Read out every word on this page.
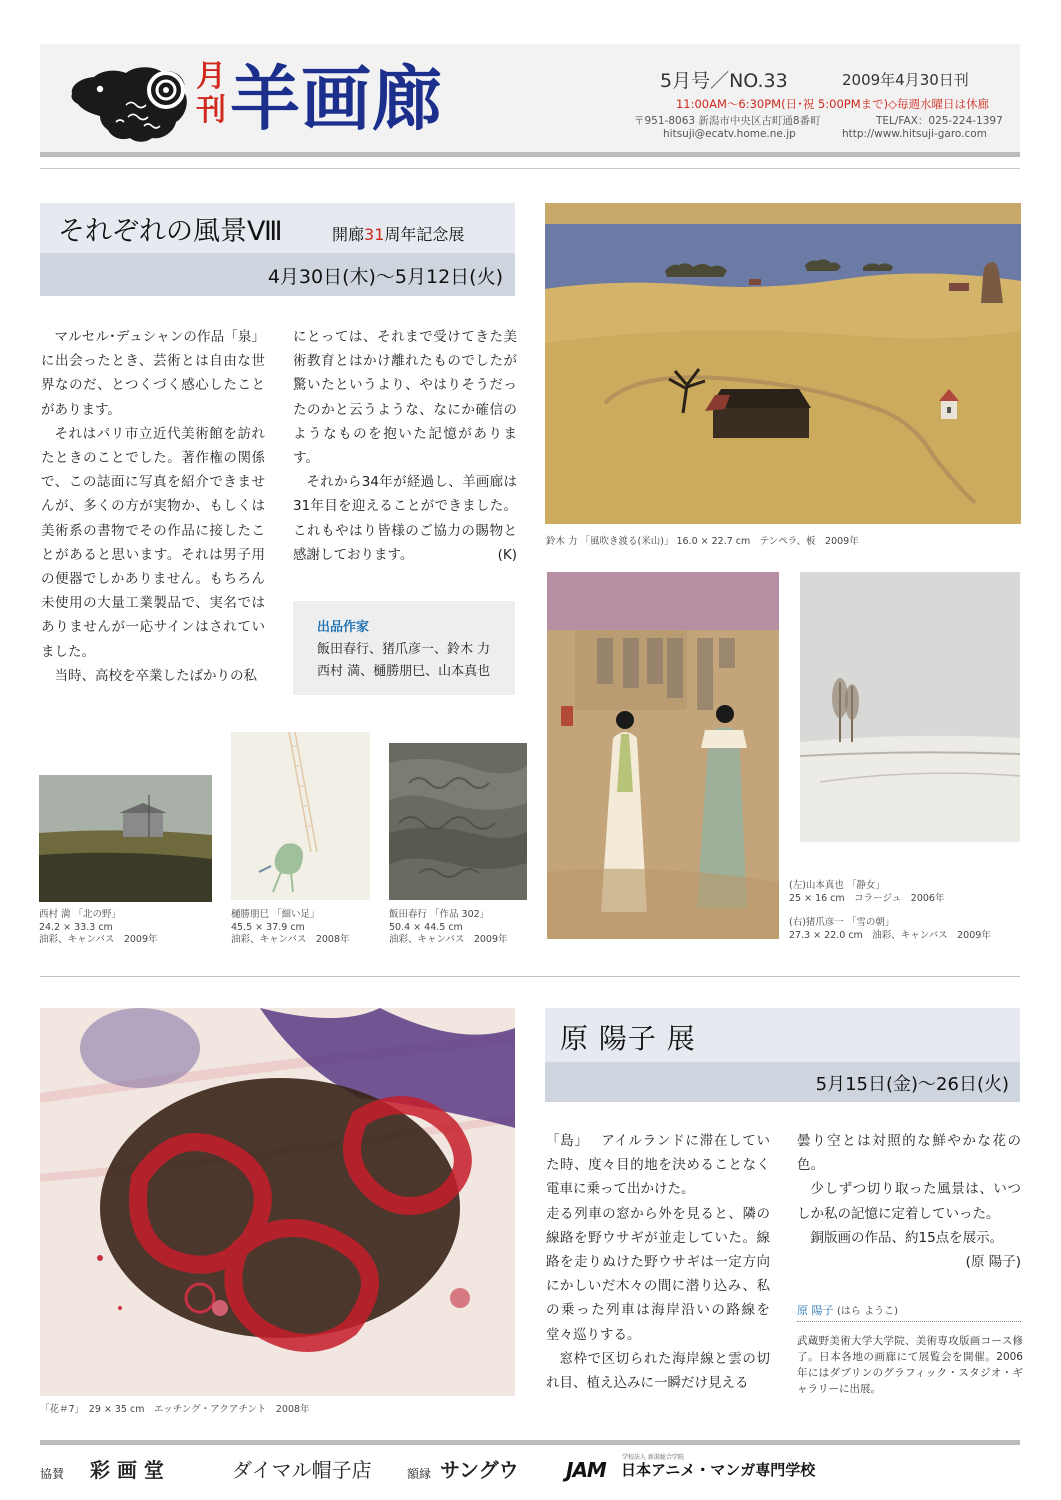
月刊 羊画廊	5月号／NO.33	2009年4月30日刊
11:00AM〜6:30PM(日･祝 5:00PMまで)◇毎週水曜日は休廊
〒951-8063 新潟市中央区古町通8番町	TEL/FAX：025-224-1397
hitsuji@ecatv.home.ne.jp	http://www.hitsuji-garo.com
それぞれの風景Ⅷ	開廊31周年記念展
4月30日(木)〜5月12日(火)

マルセル･デュシャンの作品「泉」に出会ったとき、芸術とは自由な世界なのだ、とつくづく感心したことがあります。

それはパリ市立近代美術館を訪れたときのことでした。著作権の関係で、この誌面に写真を紹介できませんが、多くの方が実物か、もしくは美術系の書物でその作品に接したことがあると思います。それは男子用の便器でしかありません。もちろん未使用の大量工業製品で、実名ではありませんが一応サインはされていました。

当時、高校を卒業したばかりの私

にとっては、それまで受けてきた美術教育とはかけ離れたものでしたが驚いたというより、やはりそうだったのかと云うような、なにか確信のようなものを抱いた記憶があります。

それから34年が経過し、羊画廊は31年目を迎えることができました。これもやはり皆様のご協力の賜物と感謝しております。	(K)

出品作家
飯田春行、猪爪彦一、鈴木 力
西村 満、樋勝朋巳、山本真也
鈴木 力 「風吹き渡る(米山)」 16.0 × 22.7 cm　テンペラ、板　2009年
(左)山本真也 「静女」
25 × 16 cm　コラージュ　2006年
(右)猪爪彦一 「雪の朝」
27.3 × 22.0 cm　油彩、キャンバス　2009年
西村 満 「北の野」
24.2 × 33.3 cm
油彩、キャンバス　2009年
樋勝朋巳 「細い足」
45.5 × 37.9 cm
油彩、キャンバス　2008年
飯田春行 「作品 302」
50.4 × 44.5 cm
油彩、キャンバス　2009年
「花＃7」　29 × 35 cm　エッチング・アクアチント　2008年
原 陽子 展
5月15日(金)〜26日(火)

「島」　 アイルランドに滞在していた時、度々目的地を決めることなく電車に乗って出かけた。

走る列車の窓から外を見ると、隣の線路を野ウサギが並走していた。線路を走りぬけた野ウサギは一定方向にかしいだ木々の間に潜り込み、私の乗った列車は海岸沿いの路線を堂々巡りする。

窓枠で区切られた海岸線と雲の切れ目、植え込みに一瞬だけ見える

曇り空とは対照的な鮮やかな花の色。

少しずつ切り取った風景は、いつしか私の記憶に定着していった。

銅版画の作品、約15点を展示。

(原 陽子)

原 陽子 (はら ようこ)
武蔵野美術大学大学院、美術専攻版画コース修了。日本各地の画廊にて展覧会を開催。2006年にはダブリンのグラフィック・スタジオ・ギャラリーに出展。
協賛 彩 画 堂	ダイマル帽子店	額縁 サングウ
学校法人 新潟総合学院
JAM 日本アニメ・マンガ専門学校
